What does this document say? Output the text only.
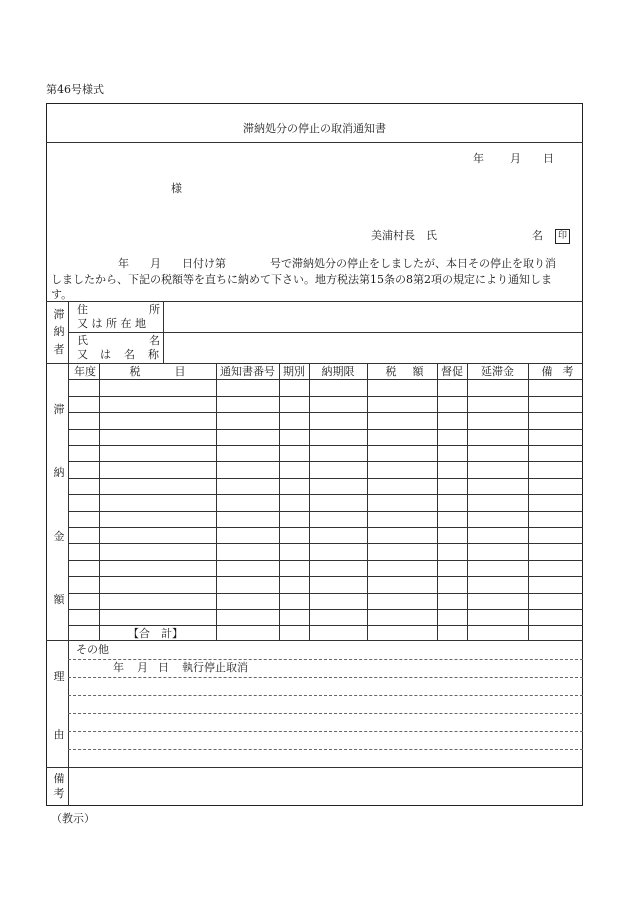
第46号様式
滞納処分の停止の取消通知書
年 月 日
様
美浦村長　氏	名	印
年 月 日付け第	号で滞納処分の停止をしましたが、本日その停止を取り消
しましたから、下記の税額等を直ちに納めて下さい。地方税法第15条の8第2項の規定により通知しま
す。
滞
納
者
住	所
又 は 所 在 地
氏	名
又 は 名 称
年度	税	目	通知書番号 期別	納期限	税 額	督促	延滞金	備 考
滞
納
金
額
【合　計】
理
由
その他
年 月 日 執行停止取消
備
考
（教示）
